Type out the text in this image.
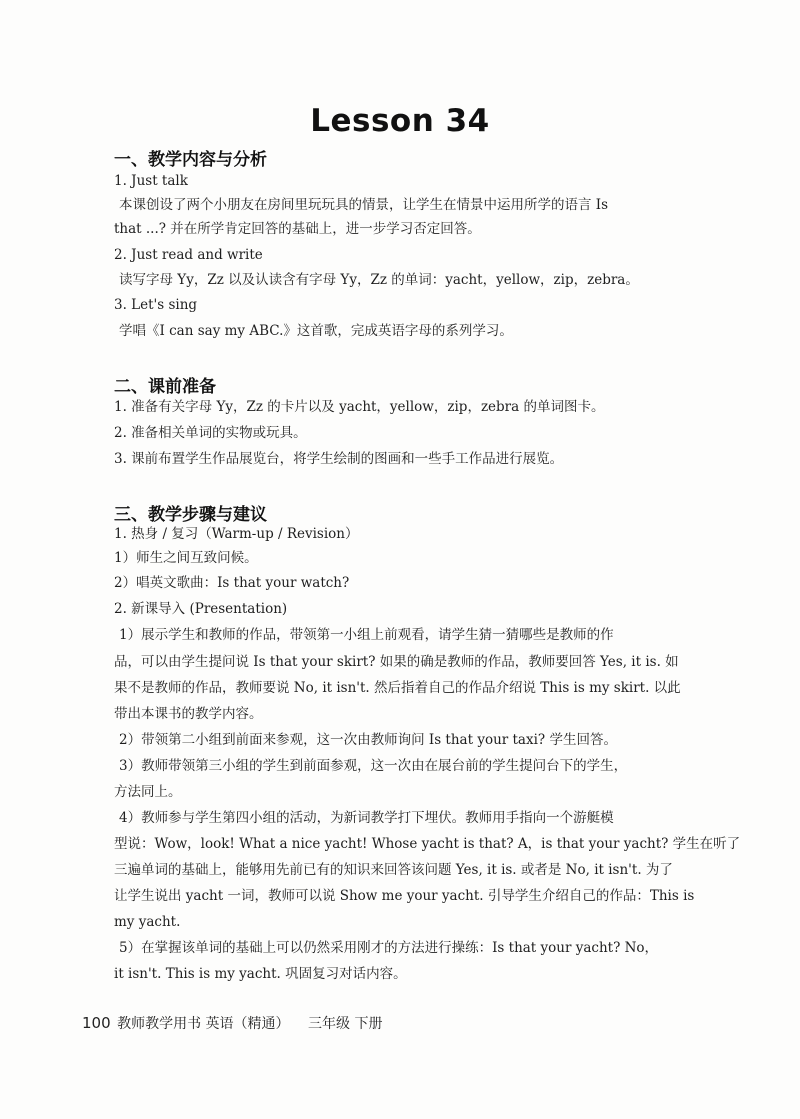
Lesson 34
一、教学内容与分析
1. Just talk
本课创设了两个小朋友在房间里玩玩具的情景，让学生在情景中运用所学的语言 Is
that ...? 并在所学肯定回答的基础上，进一步学习否定回答。
2. Just read and write
读写字母 Yy，Zz 以及认读含有字母 Yy，Zz 的单词：yacht，yellow，zip，zebra。
3. Let's sing
学唱《I can say my ABC.》这首歌，完成英语字母的系列学习。
二、课前准备
1. 准备有关字母 Yy，Zz 的卡片以及 yacht，yellow，zip，zebra 的单词图卡。
2. 准备相关单词的实物或玩具。
3. 课前布置学生作品展览台，将学生绘制的图画和一些手工作品进行展览。
三、教学步骤与建议
1. 热身 / 复习（Warm-up / Revision）
1）师生之间互致问候。
2）唱英文歌曲：Is that your watch?
2. 新课导入 (Presentation)
1）展示学生和教师的作品，带领第一小组上前观看，请学生猜一猜哪些是教师的作
品，可以由学生提问说 Is that your skirt? 如果的确是教师的作品，教师要回答 Yes, it is. 如
果不是教师的作品，教师要说 No, it isn't. 然后指着自己的作品介绍说 This is my skirt. 以此
带出本课书的教学内容。
2）带领第二小组到前面来参观，这一次由教师询问 Is that your taxi? 学生回答。
3）教师带领第三小组的学生到前面参观，这一次由在展台前的学生提问台下的学生，
方法同上。
4）教师参与学生第四小组的活动，为新词教学打下埋伏。教师用手指向一个游艇模
型说：Wow，look! What a nice yacht! Whose yacht is that? A，is that your yacht? 学生在听了
三遍单词的基础上，能够用先前已有的知识来回答该问题 Yes, it is. 或者是 No, it isn't. 为了
让学生说出 yacht 一词，教师可以说 Show me your yacht. 引导学生介绍自己的作品：This is
my yacht.
5）在掌握该单词的基础上可以仍然采用刚才的方法进行操练：Is that your yacht? No，
it isn't. This is my yacht. 巩固复习对话内容。
100 教师教学用书 英语（精通） 三年级 下册
